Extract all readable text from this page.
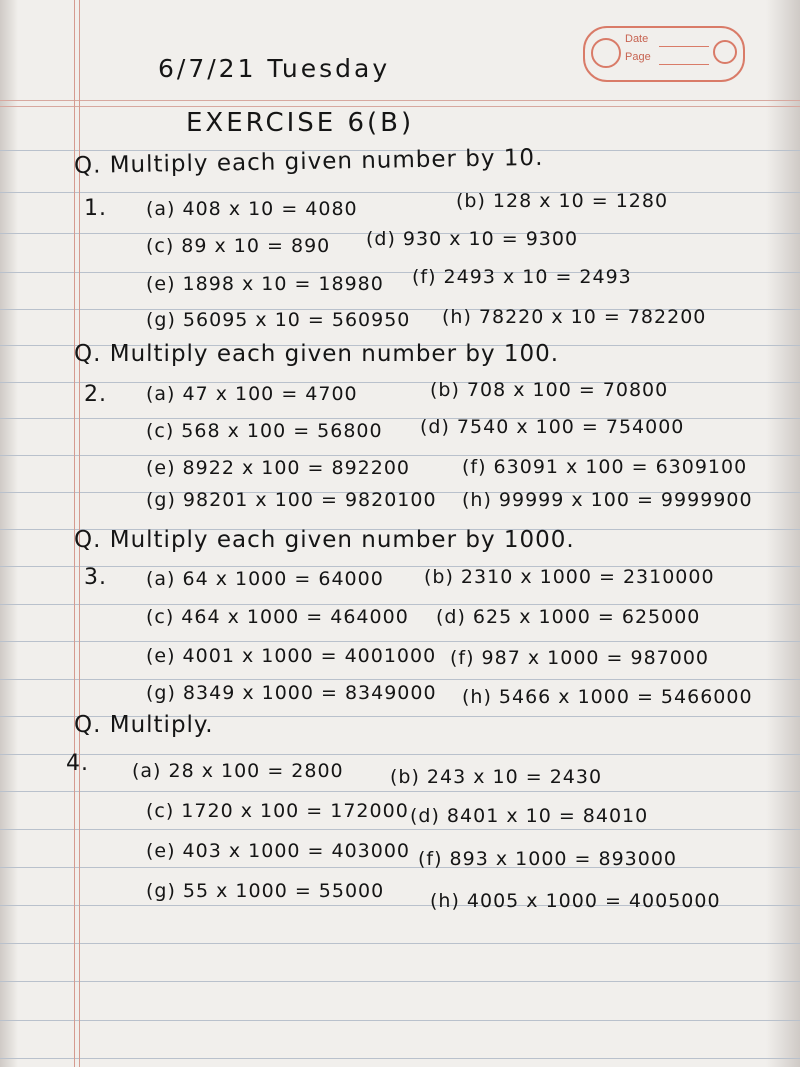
Date
Page
6/7/21 Tuesday
EXERCISE 6(B)
Q. Multiply each given number by 10.
1. (a) 408 x 10 = 4080	(b) 128 x 10 = 1280
(c) 89 x 10 = 890 (d) 930 x 10 = 9300
(e) 1898 x 10 = 18980 (f) 2493 x 10 = 2493
(g) 56095 x 10 = 560950 (h) 78220 x 10 = 782200
Q. Multiply each given number by 100.
2. (a) 47 x 100 = 4700	(b) 708 x 100 = 70800
(c) 568 x 100 = 56800 (d) 7540 x 100 = 754000
(e) 8922 x 100 = 892200	(f) 63091 x 100 = 6309100
(g) 98201 x 100 = 9820100 (h) 99999 x 100 = 9999900
Q. Multiply each given number by 1000.
3. (a) 64 x 1000 = 64000 (b) 2310 x 1000 = 2310000
(c) 464 x 1000 = 464000 (d) 625 x 1000 = 625000
(e) 4001 x 1000 = 4001000 (f) 987 x 1000 = 987000
(g) 8349 x 1000 = 8349000 (h) 5466 x 1000 = 5466000
Q. Multiply.
4. (a) 28 x 100 = 2800 (b) 243 x 10 = 2430
(c) 1720 x 100 = 172000 (d) 8401 x 10 = 84010
(e) 403 x 1000 = 403000 (f) 893 x 1000 = 893000
(g) 55 x 1000 = 55000 (h) 4005 x 1000 = 4005000
